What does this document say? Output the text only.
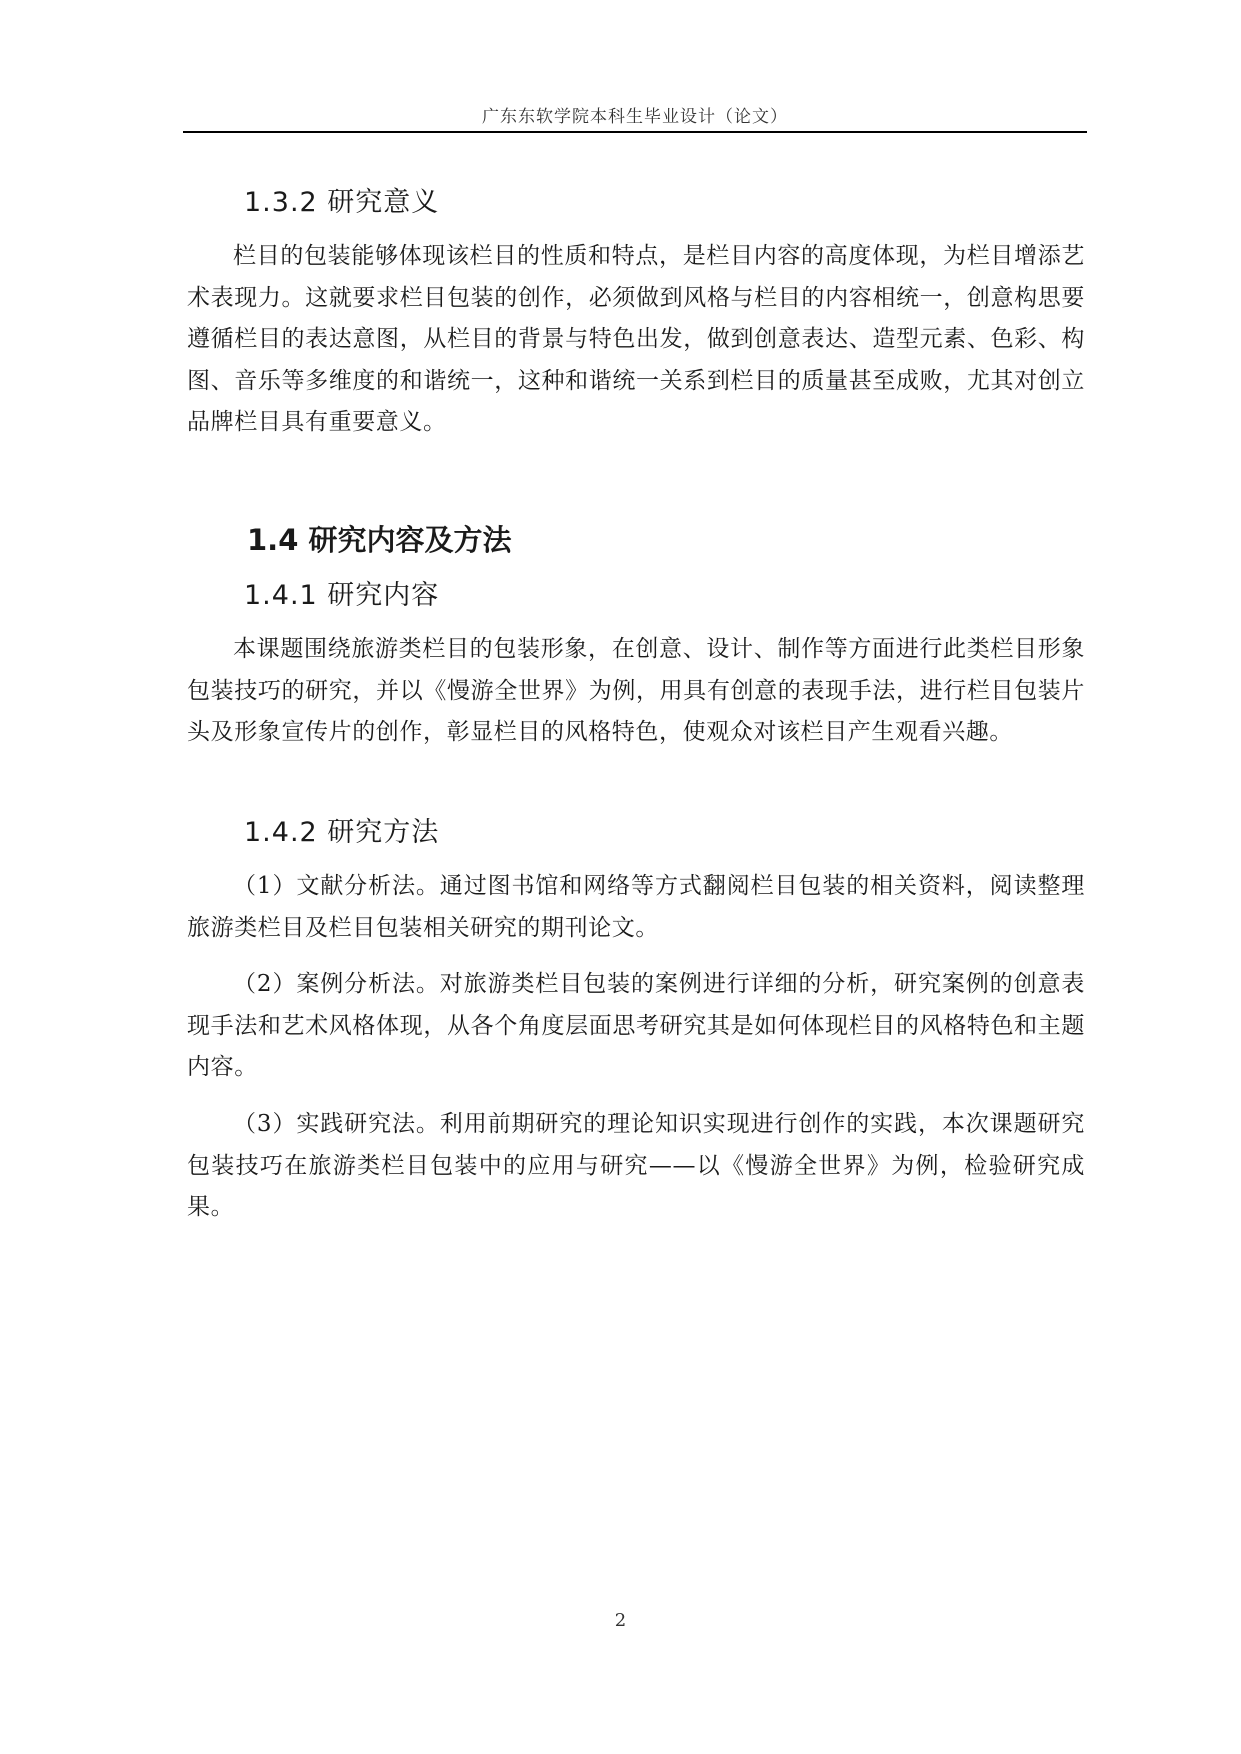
广东东软学院本科生毕业设计（论文）
1.3.2 研究意义

栏目的包装能够体现该栏目的性质和特点，是栏目内容的高度体现，为栏目增添艺术表现力。这就要求栏目包装的创作，必须做到风格与栏目的内容相统一，创意构思要遵循栏目的表达意图，从栏目的背景与特色出发，做到创意表达、造型元素、色彩、构图、音乐等多维度的和谐统一，这种和谐统一关系到栏目的质量甚至成败，尤其对创立品牌栏目具有重要意义。

1.4 研究内容及方法
1.4.1 研究内容

本课题围绕旅游类栏目的包装形象，在创意、设计、制作等方面进行此类栏目形象包装技巧的研究，并以《慢游全世界》为例，用具有创意的表现手法，进行栏目包装片头及形象宣传片的创作，彰显栏目的风格特色，使观众对该栏目产生观看兴趣。

1.4.2 研究方法

（1）文献分析法。通过图书馆和网络等方式翻阅栏目包装的相关资料，阅读整理旅游类栏目及栏目包装相关研究的期刊论文。

（2）案例分析法。对旅游类栏目包装的案例进行详细的分析，研究案例的创意表现手法和艺术风格体现，从各个角度层面思考研究其是如何体现栏目的风格特色和主题内容。

（3）实践研究法。利用前期研究的理论知识实现进行创作的实践，本次课题研究包装技巧在旅游类栏目包装中的应用与研究——以《慢游全世界》为例，检验研究成果。

2
